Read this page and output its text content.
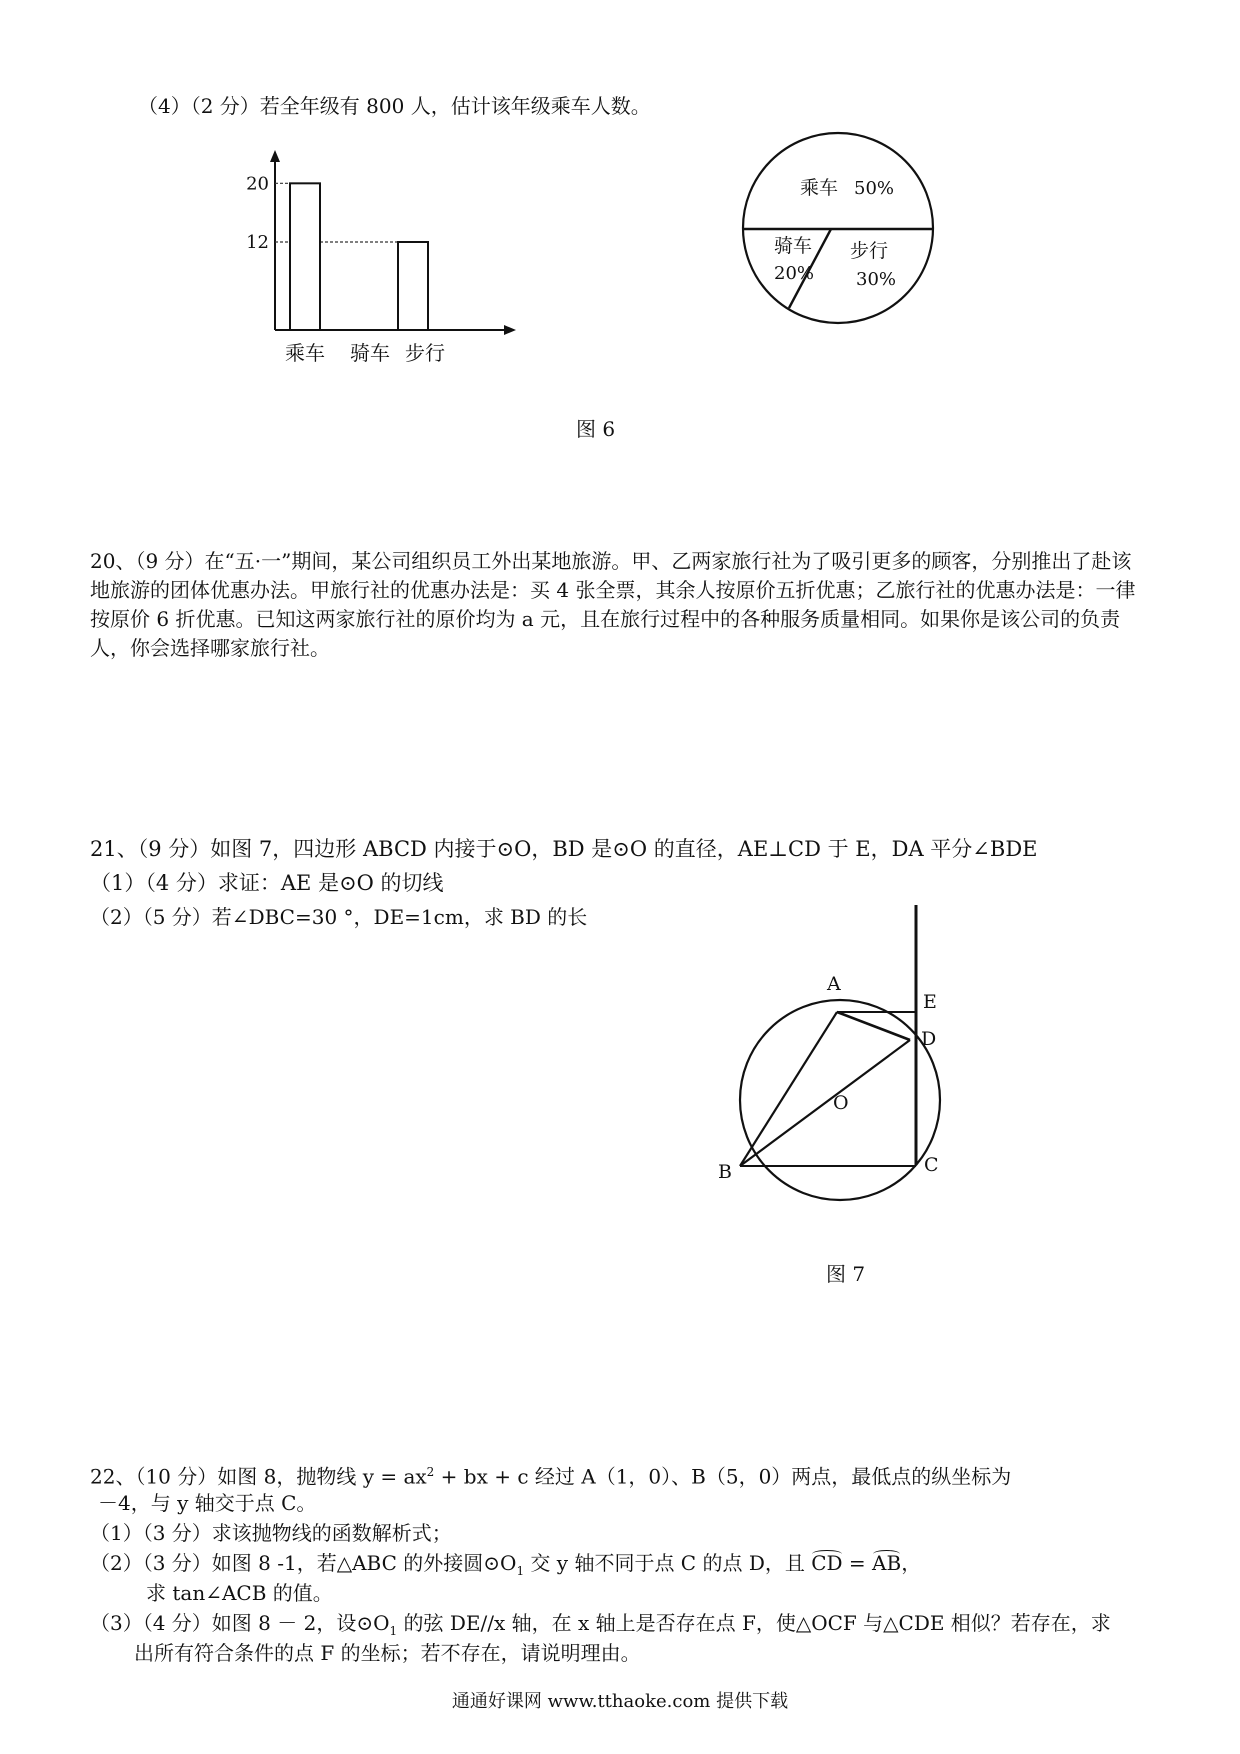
（4）（2 分）若全年级有 800 人，估计该年级乘车人数。
20
12
乘车 骑车 步行
乘车 50%
骑车
20%
步行
30%
图 6
20、（9 分）在“五·一”期间，某公司组织员工外出某地旅游。甲、乙两家旅行社为了吸引更多的顾客，分别推出了赴该地旅游的团体优惠办法。甲旅行社的优惠办法是：买 4 张全票，其余人按原价五折优惠；乙旅行社的优惠办法是：一律按原价 6 折优惠。已知这两家旅行社的原价均为 a 元，且在旅行过程中的各种服务质量相同。如果你是该公司的负责人，你会选择哪家旅行社。
21、（9 分）如图 7，四边形 ABCD 内接于⊙O，BD 是⊙O 的直径，AE⊥CD 于 E，DA 平分∠BDE
（1）（4 分）求证：AE 是⊙O 的切线
（2）（5 分）若∠DBC=30 °，DE=1cm，求 BD 的长
A
E
D
O
B	C
图 7
22、（10 分）如图 8，抛物线 $y = ax^2$ + bx + c 经过 A（1，0）、B（5，0）两点，最低点的纵坐标为
－4，与 y 轴交于点 C。
（1）（3 分）求该抛物线的函数解析式；
（2）（3 分）如图 8 -1，若△ABC 的外接圆$⊙O_1$ 交 y 轴不同于点 C 的点 D，且 CD = AB，
求 tan∠ACB 的值。
（3）（4 分）如图 8 － 2，设$⊙O_1$ 的弦 DE//x 轴，在 x 轴上是否存在点 F，使△OCF 与△CDE 相似？若存在，求
出所有符合条件的点 F 的坐标；若不存在，请说明理由。
通通好课网 www.tthaoke.com 提供下载
